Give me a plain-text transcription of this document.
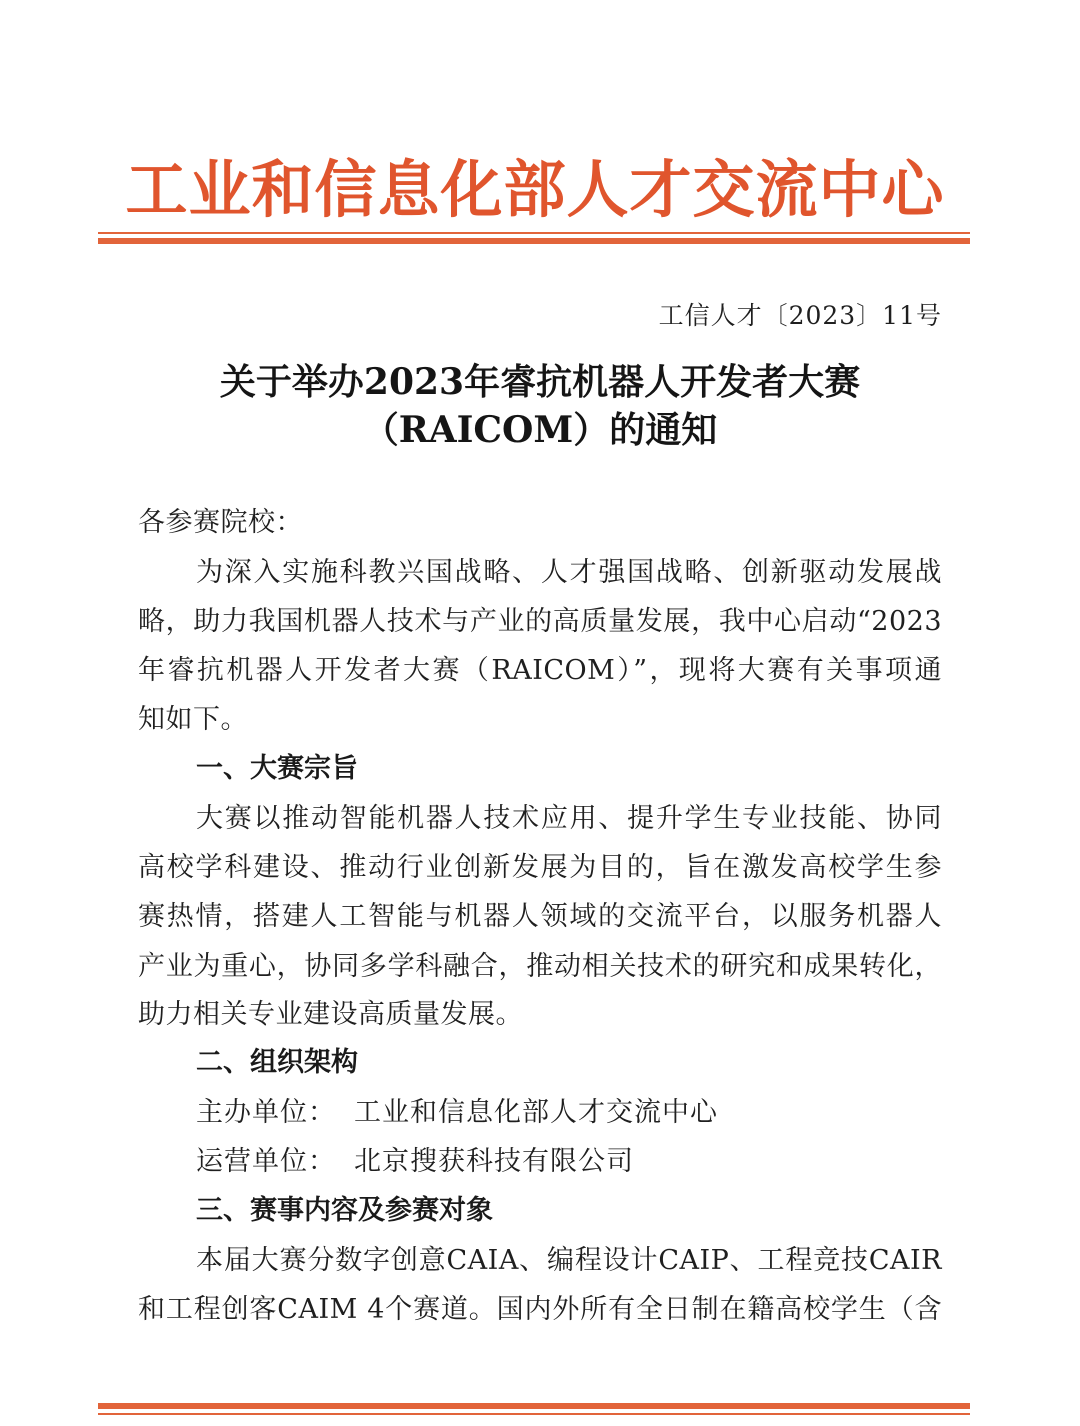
工业和信息化部人才交流中心
工信人才〔2023〕11号
关于举办2023年睿抗机器人开发者大赛
（RAICOM）的通知
各参赛院校：
为深入实施科教兴国战略、人才强国战略、创新驱动发展战
略，助力我国机器人技术与产业的高质量发展，我中心启动“2023
年睿抗机器人开发者大赛（RAICOM）”，现将大赛有关事项通
知如下。
一、大赛宗旨
大赛以推动智能机器人技术应用、提升学生专业技能、协同
高校学科建设、推动行业创新发展为目的，旨在激发高校学生参
赛热情，搭建人工智能与机器人领域的交流平台，以服务机器人
产业为重心，协同多学科融合，推动相关技术的研究和成果转化，
助力相关专业建设高质量发展。
二、组织架构
主办单位： 工业和信息化部人才交流中心
运营单位： 北京搜获科技有限公司
三、赛事内容及参赛对象
本届大赛分数字创意CAIA、编程设计CAIP、工程竞技CAIR
和工程创客CAIM 4个赛道。国内外所有全日制在籍高校学生（含
